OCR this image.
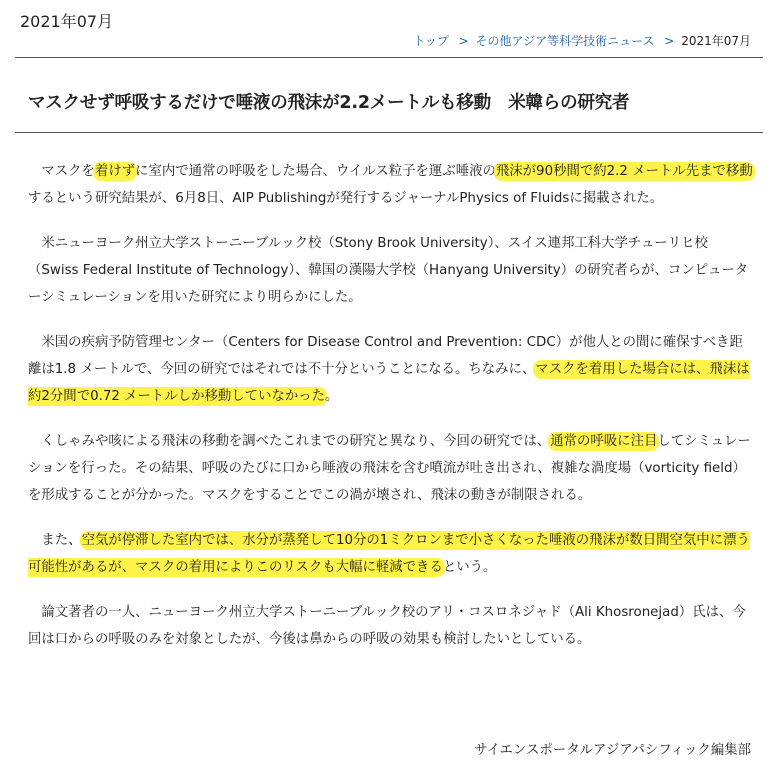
2021年07月
トップ > その他アジア等科学技術ニュース > 2021年07月
マスクせず呼吸するだけで唾液の飛沫が2.2メートルも移動　米韓らの研究者

マスクを着けずに室内で通常の呼吸をした場合、ウイルス粒子を運ぶ唾液の飛沫が90秒間で約2.2 メートル先まで移動するという研究結果が、6月8日、AIP Publishingが発行するジャーナルPhysics of Fluidsに掲載された。

米ニューヨーク州立大学ストーニーブルック校（Stony Brook University）、スイス連邦工科大学チューリヒ校（Swiss Federal Institute of Technology）、韓国の漢陽大学校（Hanyang University）の研究者らが、コンピューターシミュレーションを用いた研究により明らかにした。

米国の疾病予防管理センター（Centers for Disease Control and Prevention: CDC）が他人との間に確保すべき距離は1.8 メートルで、今回の研究ではそれでは不十分ということになる。ちなみに、マスクを着用した場合には、飛沫は約2分間で0.72 メートルしか移動していなかった。

くしゃみや咳による飛沫の移動を調べたこれまでの研究と異なり、今回の研究では、通常の呼吸に注目してシミュレーションを行った。その結果、呼吸のたびに口から唾液の飛沫を含む噴流が吐き出され、複雑な渦度場（vorticity field）を形成することが分かった。マスクをすることでこの渦が壊され、飛沫の動きが制限される。

また、空気が停滞した室内では、水分が蒸発して10分の1ミクロンまで小さくなった唾液の飛沫が数日間空気中に漂う可能性があるが、マスクの着用によりこのリスクも大幅に軽減できるという。

論文著者の一人、ニューヨーク州立大学ストーニーブルック校のアリ・コスロネジャド（Ali Khosronejad）氏は、今回は口からの呼吸のみを対象としたが、今後は鼻からの呼吸の効果も検討したいとしている。

サイエンスポータルアジアパシフィック編集部
